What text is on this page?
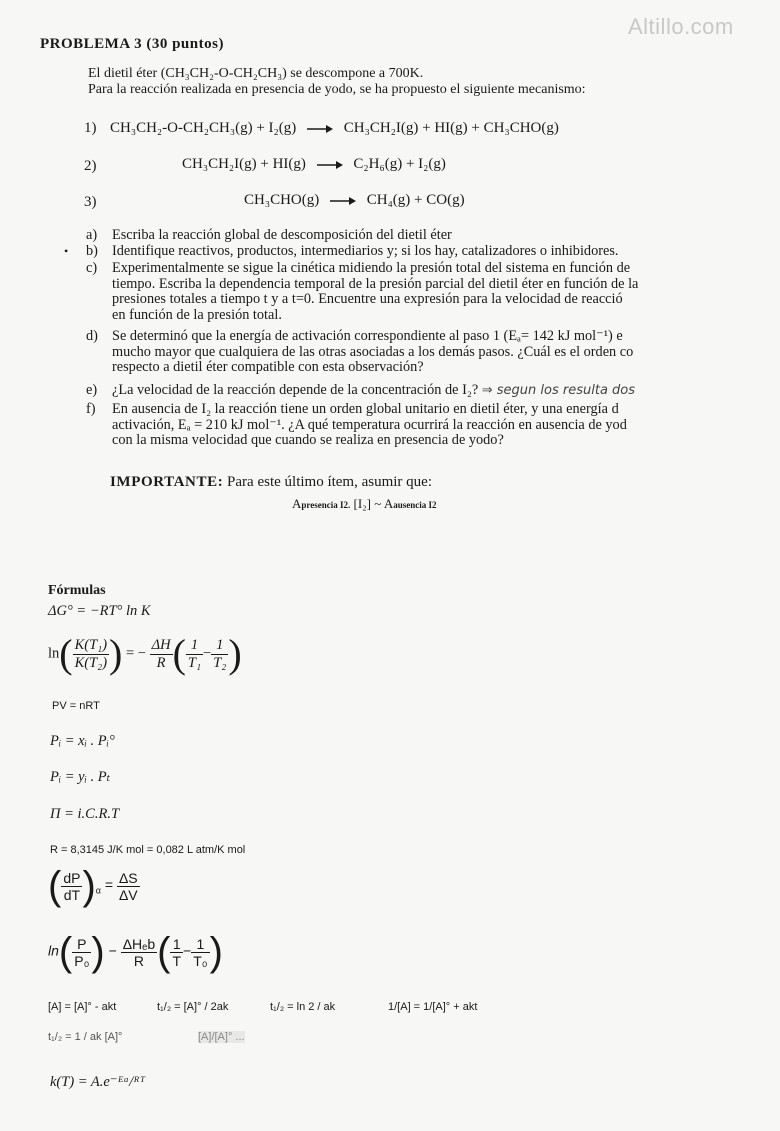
Altillo.com
PROBLEMA 3 (30 puntos)
El dietil éter (CH₃CH₂-O-CH₂CH₃) se descompone a 700K.
Para la reacción realizada en presencia de yodo, se ha propuesto el siguiente mecanismo:
1) CH₃CH₂-O-CH₂CH₃(g) + I₂(g) → CH₃CH₂I(g) + HI(g) + CH₃CHO(g)
2)	CH₃CH₂I(g) + HI(g) → C₂H₆(g) + I₂(g)
3)	CH₃CHO(g) → CH₄(g) + CO(g)
•
a) Escriba la reacción global de descomposición del dietil éter
b) Identifique reactivos, productos, intermediarios y; si los hay, catalizadores o inhibidores.
c) Experimentalmente se sigue la cinética midiendo la presión total del sistema en función de
tiempo. Escriba la dependencia temporal de la presión parcial del dietil éter en función de la
presiones totales a tiempo t y a t=0. Encuentre una expresión para la velocidad de reacció
en función de la presión total.
d) Se determinó que la energía de activación correspondiente al paso 1 (Eₐ= 142 kJ mol⁻¹) e
mucho mayor que cualquiera de las otras asociadas a los demás pasos. ¿Cuál es el orden co
respecto a dietil éter compatible con esta observación?
e) ¿La velocidad de la reacción depende de la concentración de I₂? ⇒ segun los resulta dos
f) En ausencia de I₂ la reacción tiene un orden global unitario en dietil éter, y una energía d
activación, Eₐ = 210 kJ mol⁻¹. ¿A qué temperatura ocurrirá la reacción en ausencia de yod
con la misma velocidad que cuando se realiza en presencia de yodo?
IMPORTANTE: Para este último ítem, asumir que:
Apresencia I2. [I₂] ~ Aausencia I2
Fórmulas
ΔG° = −RT° ln K
$\ln( \frac{\text{K(T₁)}}{\text{K(T₂)}}$ ) = − $\frac{\Delta H}{R}$ ( $\frac{1}{\text{T₁}} - \frac{1}{\text{T₂}}$ )
PV = nRT
Pᵢ = xᵢ . Pᵢ°
Pᵢ = yᵢ . Pₜ
Π = i.C.R.T
R = 8,3145 J/K mol = 0,082 L atm/K mol
( $\frac{dP}{dT} )_\alpha = \frac{\Delta S}{\Delta V}$
$\ln( \frac{P}{\text{P₀}}$ ) − $\frac{\text{ΔHₑb}}{R}$ ( $\frac{1}{T} - \frac{1}{\text{T₀}}$ )
[A] = [A]° - akt	t₁/₂ = [A]° / 2ak	t₁/₂ = ln 2 / ak	1/[A] = 1/[A]° + akt
t₁/₂ = 1 / ak [A]°	[A]/[A]° ...
k(T) = A.e⁻ᴱᵃ/ᴿᵀ
